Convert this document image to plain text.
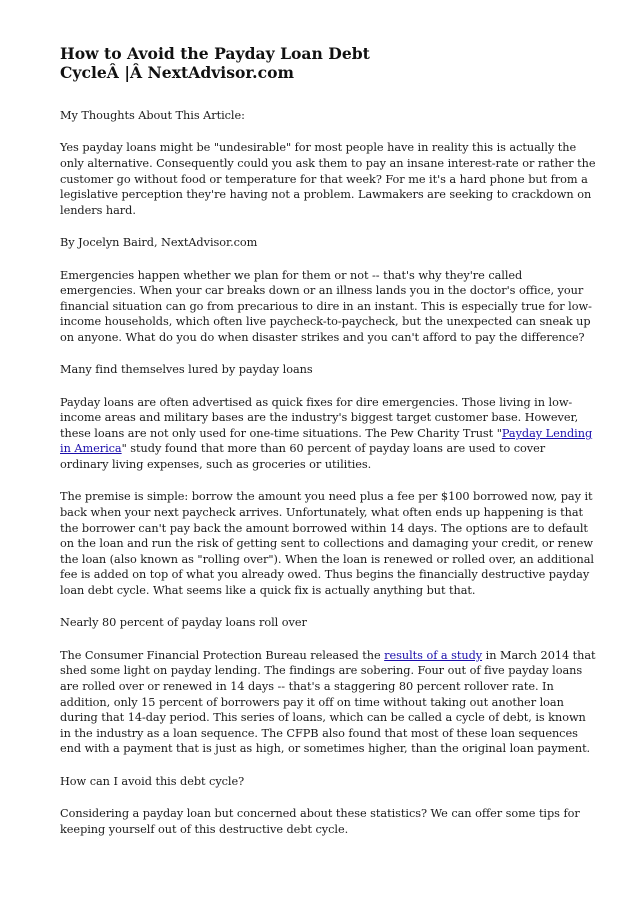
How to Avoid the Payday Loan Debt CycleÂ |Â NextAdvisor.com

My Thoughts About This Article:

Yes payday loans might be "undesirable" for most people have in reality this is actually the only alternative. Consequently could you ask them to pay an insane interest-rate or rather the customer go without food or temperature for that week? For me it's a hard phone but from a legislative perception they're having not a problem. Lawmakers are seeking to crackdown on lenders hard.

By Jocelyn Baird, NextAdvisor.com

Emergencies happen whether we plan for them or not -- that's why they're called emergencies. When your car breaks down or an illness lands you in the doctor's office, your financial situation can go from precarious to dire in an instant. This is especially true for low-income households, which often live paycheck-to-paycheck, but the unexpected can sneak up on anyone. What do you do when disaster strikes and you can't afford to pay the difference?

Many find themselves lured by payday loans

Payday loans are often advertised as quick fixes for dire emergencies. Those living in low-income areas and military bases are the industry's biggest target customer base. However, these loans are not only used for one-time situations. The Pew Charity Trust "Payday Lending in America" study found that more than 60 percent of payday loans are used to cover ordinary living expenses, such as groceries or utilities.

The premise is simple: borrow the amount you need plus a fee per $100 borrowed now, pay it back when your next paycheck arrives. Unfortunately, what often ends up happening is that the borrower can't pay back the amount borrowed within 14 days. The options are to default on the loan and run the risk of getting sent to collections and damaging your credit, or renew the loan (also known as "rolling over"). When the loan is renewed or rolled over, an additional fee is added on top of what you already owed. Thus begins the financially destructive payday loan debt cycle. What seems like a quick fix is actually anything but that.

Nearly 80 percent of payday loans roll over

The Consumer Financial Protection Bureau released the results of a study in March 2014 that shed some light on payday lending. The findings are sobering. Four out of five payday loans are rolled over or renewed in 14 days -- that's a staggering 80 percent rollover rate. In addition, only 15 percent of borrowers pay it off on time without taking out another loan during that 14-day period. This series of loans, which can be called a cycle of debt, is known in the industry as a loan sequence. The CFPB also found that most of these loan sequences end with a payment that is just as high, or sometimes higher, than the original loan payment.

How can I avoid this debt cycle?

Considering a payday loan but concerned about these statistics? We can offer some tips for keeping yourself out of this destructive debt cycle.
